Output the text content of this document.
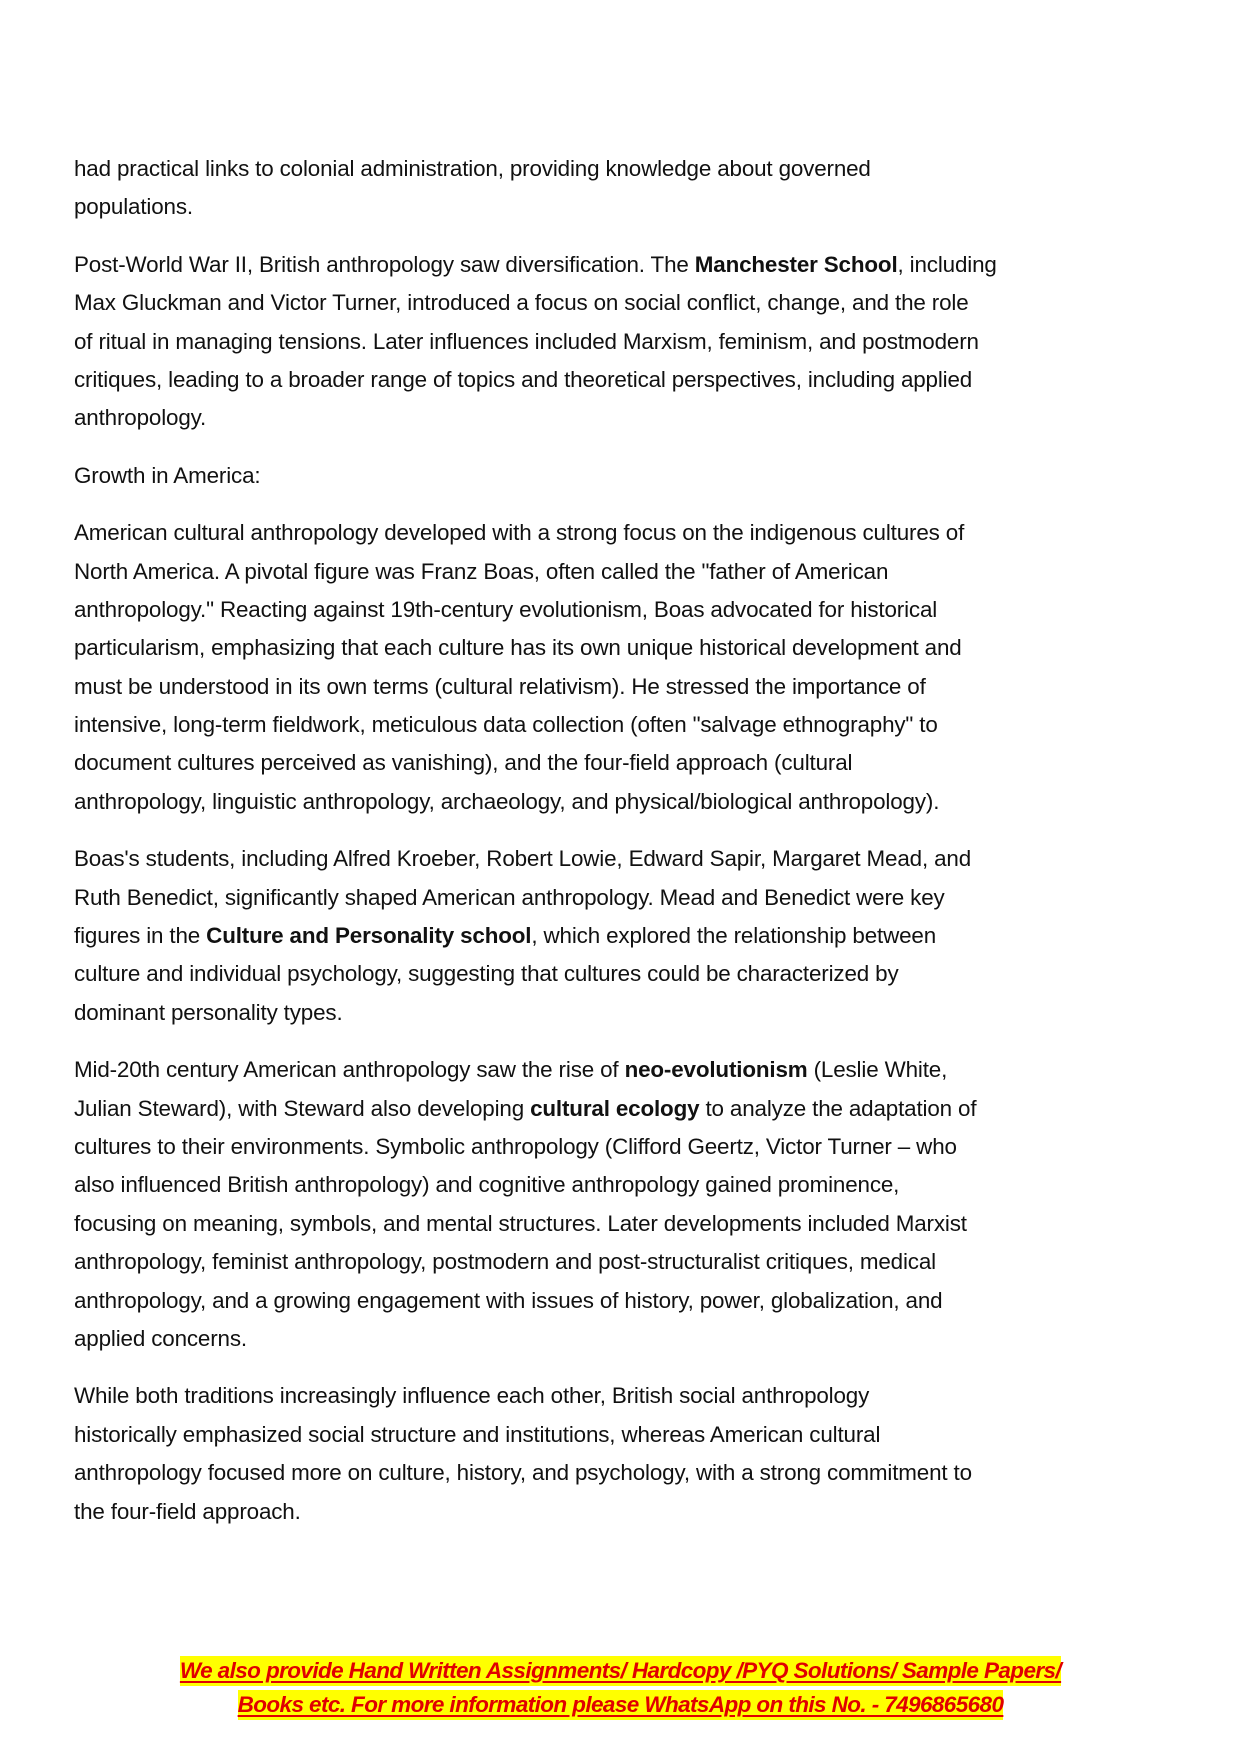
had practical links to colonial administration, providing knowledge about governed
populations.
Post-World War II, British anthropology saw diversification. The Manchester School, including
Max Gluckman and Victor Turner, introduced a focus on social conflict, change, and the role
of ritual in managing tensions. Later influences included Marxism, feminism, and postmodern
critiques, leading to a broader range of topics and theoretical perspectives, including applied
anthropology.
Growth in America:
American cultural anthropology developed with a strong focus on the indigenous cultures of
North America. A pivotal figure was Franz Boas, often called the "father of American
anthropology." Reacting against 19th-century evolutionism, Boas advocated for historical
particularism, emphasizing that each culture has its own unique historical development and
must be understood in its own terms (cultural relativism). He stressed the importance of
intensive, long-term fieldwork, meticulous data collection (often "salvage ethnography" to
document cultures perceived as vanishing), and the four-field approach (cultural
anthropology, linguistic anthropology, archaeology, and physical/biological anthropology).
Boas's students, including Alfred Kroeber, Robert Lowie, Edward Sapir, Margaret Mead, and
Ruth Benedict, significantly shaped American anthropology. Mead and Benedict were key
figures in the Culture and Personality school, which explored the relationship between
culture and individual psychology, suggesting that cultures could be characterized by
dominant personality types.
Mid-20th century American anthropology saw the rise of neo-evolutionism (Leslie White,
Julian Steward), with Steward also developing cultural ecology to analyze the adaptation of
cultures to their environments. Symbolic anthropology (Clifford Geertz, Victor Turner – who
also influenced British anthropology) and cognitive anthropology gained prominence,
focusing on meaning, symbols, and mental structures. Later developments included Marxist
anthropology, feminist anthropology, postmodern and post-structuralist critiques, medical
anthropology, and a growing engagement with issues of history, power, globalization, and
applied concerns.
While both traditions increasingly influence each other, British social anthropology
historically emphasized social structure and institutions, whereas American cultural
anthropology focused more on culture, history, and psychology, with a strong commitment to
the four-field approach.
We also provide Hand Written Assignments/ Hardcopy /PYQ Solutions/ Sample Papers/
Books etc. For more information please WhatsApp on this No. - 7496865680
